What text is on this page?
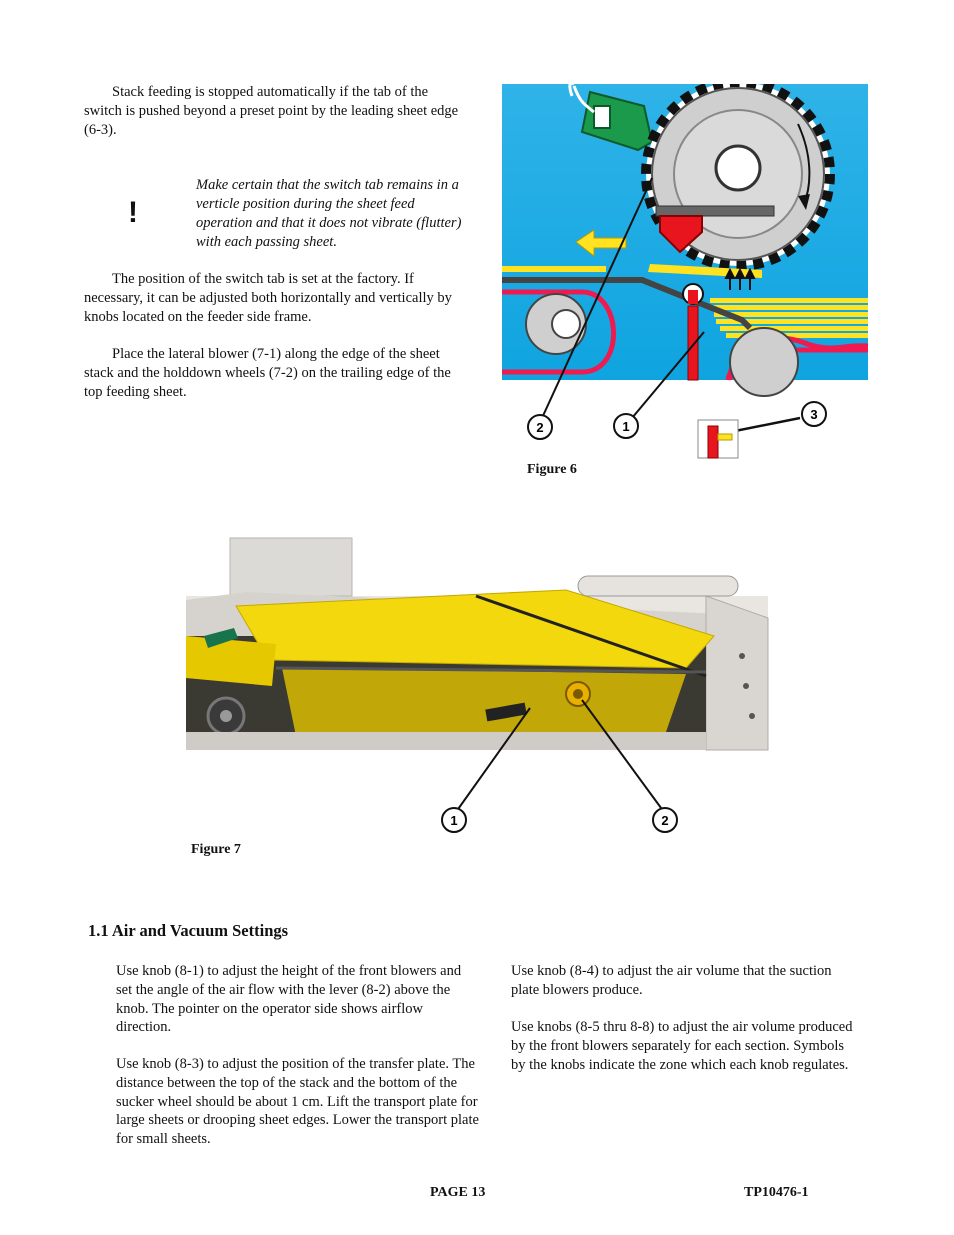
Stack feeding is stopped automatically if the tab of the switch is pushed beyond a preset point by the leading sheet edge (6-3).

!

Make certain that the switch tab remains in a verticle position during the sheet feed operation and that it does not vibrate (flutter) with each passing sheet.

The position of the switch tab is set at the factory. If necessary, it can be adjusted both horizontally and vertically by knobs located on the feeder side frame.

Place the lateral blower (7-1) along the edge of the sheet stack and the holddown wheels (7-2) on the trailing edge of the top feeding sheet.

2	1
3
Figure 6
1	2
Figure 7
1.1 Air and Vacuum Settings

Use knob (8-1) to adjust the height of the front blowers and set the angle of the air flow with the lever (8-2) above the knob. The pointer on the operator side shows airflow direction.

Use knob (8-3) to adjust the position of the transfer plate. The distance between the top of the stack and the bottom of the sucker wheel should be about 1 cm. Lift the transport plate for large sheets or drooping sheet edges. Lower the transport plate for small sheets.

Use knob (8-4) to adjust the air volume that the suction plate blowers produce.

Use knobs (8-5 thru 8-8) to adjust the air volume produced by the front blowers separately for each section. Symbols by the knobs indicate the zone which each knob regulates.

PAGE 13	TP10476-1
